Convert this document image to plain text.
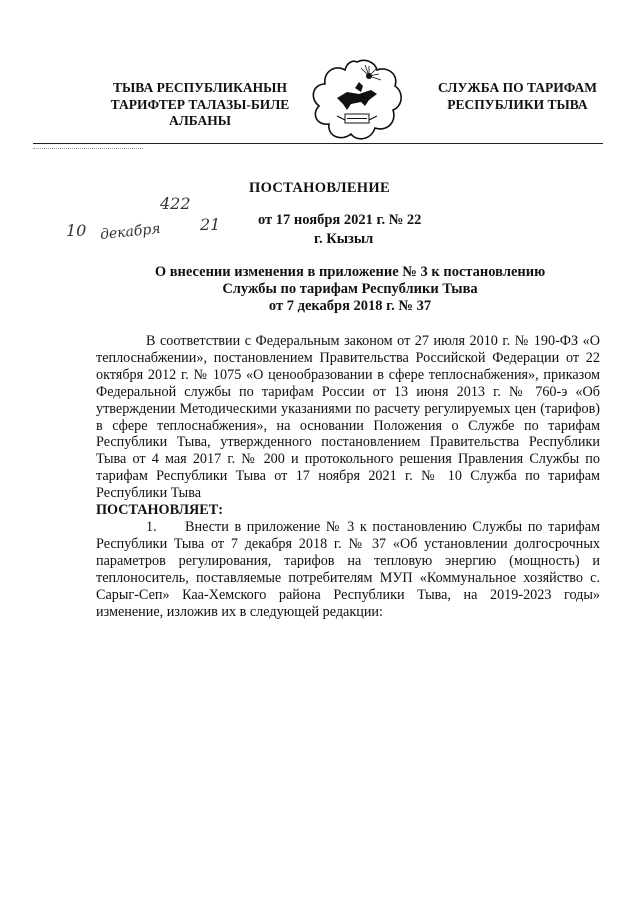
ТЫВА РЕСПУБЛИКАНЫН
ТАРИФТЕР ТАЛАЗЫ-БИЛЕ
АЛБАНЫ
СЛУЖБА ПО ТАРИФАМ
РЕСПУБЛИКИ ТЫВА
ПОСТАНОВЛЕНИЕ
422
10 декабря 21	от 17 ноября 2021 г. № 22
г. Кызыл
О внесении изменения в приложение № 3 к постановлению
Службы по тарифам Республики Тыва
от 7 декабря 2018 г. № 37

В соответствии с Федеральным законом от 27 июля 2010 г. № 190-ФЗ «О теплоснабжении», постановлением Правительства Российской Федерации от 22 октября 2012 г. № 1075 «О ценообразовании в сфере теплоснабжения», приказом Федеральной службы по тарифам России от 13 июня 2013 г. № 760-э «Об утверждении Методическими указаниями по расчету регулируемых цен (тарифов) в сфере теплоснабжения», на основании Положения о Службе по тарифам Республики Тыва, утвержденного постановлением Правительства Республики Тыва от 4 мая 2017 г. № 200 и протокольного решения Правления Службы по тарифам Республики Тыва от 17 ноября 2021 г. № 10 Служба по тарифам Республики Тыва

ПОСТАНОВЛЯЕТ:

1.  Внести в приложение № 3 к постановлению Службы по тарифам Республики Тыва от 7 декабря 2018 г. № 37 «Об установлении долгосрочных параметров регулирования, тарифов на тепловую энергию (мощность) и теплоноситель, поставляемые потребителям МУП «Коммунальное хозяйство с. Сарыг-Сеп» Каа-Хемского района Республики Тыва, на 2019-2023 годы» изменение, изложив их в следующей редакции:
